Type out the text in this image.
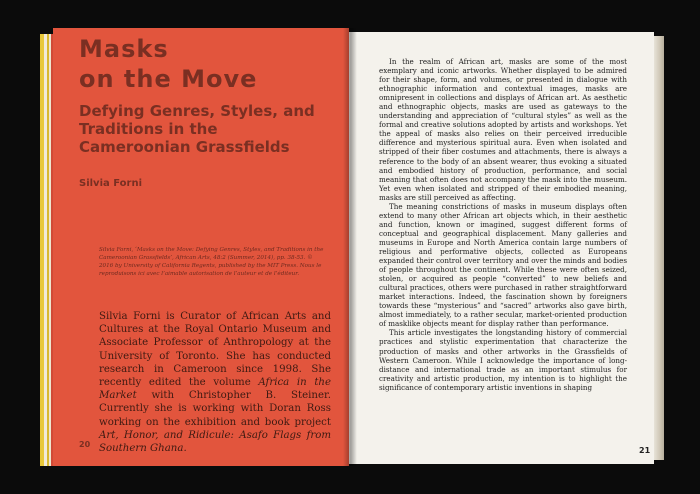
Masks
on the Move
Defying Genres, Styles, and Traditions in the Cameroonian Grassfields
Silvia Forni
Silvia Forni, ‘Masks on the Move: Defying Genres, Styles, and Traditions in the Cameroonian Grassfields’, African Arts, 48:2 (Summer, 2014), pp. 38-53. © 2016 by University of California Regents, published by the MIT Press. Nous le reproduisons ici avec l’aimable autorisation de l’auteur et de l’éditeur.
Silvia Forni is Curator of African Arts and Cultures at the Royal Ontario Museum and Associate Professor of Anthropology at the University of Toronto. She has conducted research in Cameroon since 1998. She recently edited the volume Africa in the Market with Christopher B. Steiner. Currently she is working with Doran Ross working on the exhibition and book project Art, Honor, and Ridicule: Asafo Flags from Southern Ghana.
20

In the realm of African art, masks are some of the most exemplary and iconic artworks. Whether displayed to be admired for their shape, form, and volumes, or presented in dialogue with ethnographic information and contextual images, masks are omnipresent in collections and displays of African art. As aesthetic and ethnographic objects, masks are used as gateways to the understanding and appreciation of “cultural styles” as well as the formal and creative solutions adopted by artists and workshops. Yet the appeal of masks also relies on their perceived irreducible difference and mysterious spiritual aura. Even when isolated and stripped of their fiber costumes and attachments, there is always a reference to the body of an absent wearer, thus evoking a situated and embodied history of production, performance, and social meaning that often does not accompany the mask into the museum. Yet even when isolated and stripped of their embodied meaning, masks are still perceived as affecting.

The meaning constrictions of masks in museum displays often extend to many other African art objects which, in their aesthetic and function, known or imagined, suggest different forms of conceptual and geographical displacement. Many galleries and museums in Europe and North America contain large numbers of religious and performative objects, collected as Europeans expanded their control over territory and over the minds and bodies of people throughout the continent. While these were often seized, stolen, or acquired as people “converted” to new beliefs and cultural practices, others were purchased in rather straightforward market interactions. Indeed, the fascination shown by foreigners towards these “mysterious” and “sacred” artworks also gave birth, almost immediately, to a rather secular, market-oriented production of masklike objects meant for display rather than performance.

This article investigates the longstanding history of commercial practices and stylistic experimentation that characterize the production of masks and other artworks in the Grassfields of Western Cameroon. While I acknowledge the importance of long-distance and international trade as an important stimulus for creativity and artistic production, my intention is to highlight the significance of contemporary artistic inventions in shaping

21
